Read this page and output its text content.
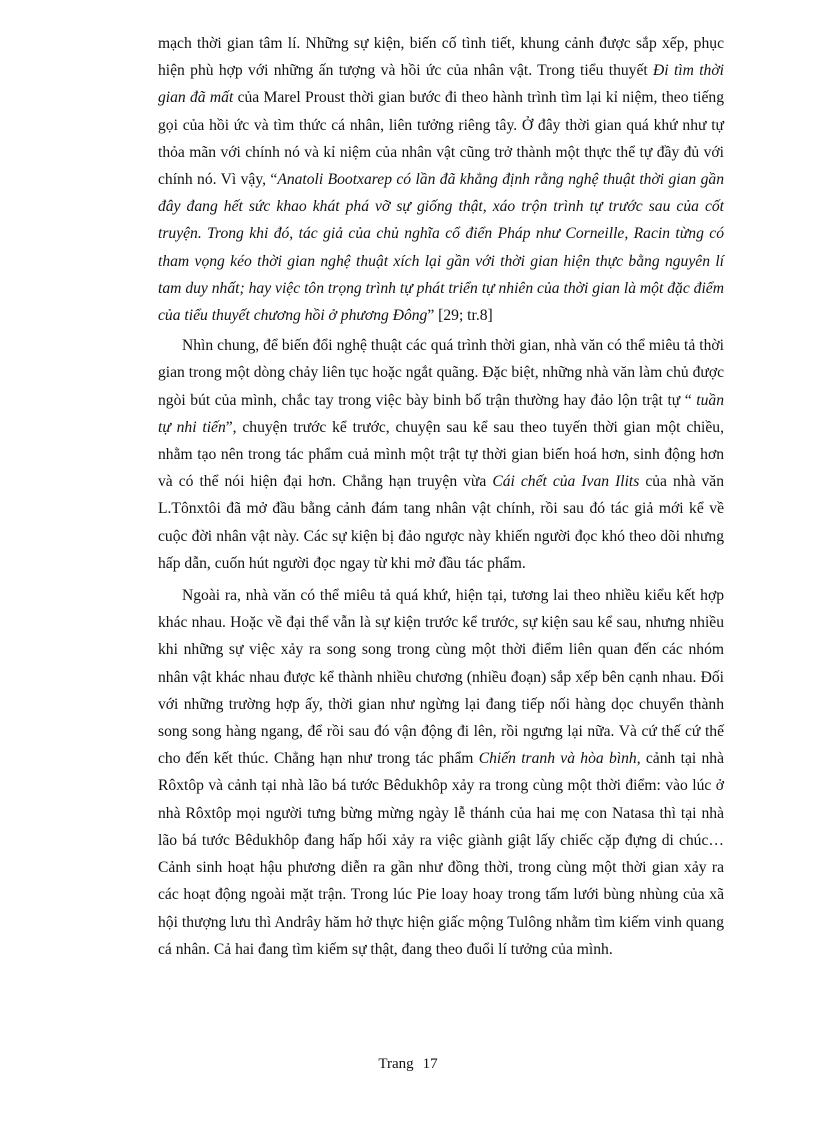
mạch thời gian tâm lí. Những sự kiện, biến cố tình tiết, khung cảnh được sắp xếp, phục hiện phù hợp với những ấn tượng và hồi ức của nhân vật. Trong tiểu thuyết Đi tìm thời gian đã mất của Marel Proust thời gian bước đi theo hành trình tìm lại kỉ niệm, theo tiếng gọi của hồi ức và tìm thức cá nhân, liên tưởng riêng tây. Ở đây thời gian quá khứ như tự thỏa mãn với chính nó và kỉ niệm của nhân vật cũng trở thành một thực thể tự đầy đủ với chính nó. Vì vậy, “Anatoli Bootxarep có lần đã khẳng định rằng nghệ thuật thời gian gần đây đang hết sức khao khát phá vỡ sự giống thật, xáo trộn trình tự trước sau của cốt truyện. Trong khi đó, tác giả của chủ nghĩa cổ điển Pháp như Corneille, Racin từng có tham vọng kéo thời gian nghệ thuật xích lại gần với thời gian hiện thực bằng nguyên lí tam duy nhất; hay việc tôn trọng trình tự phát triển tự nhiên của thời gian là một đặc điểm của tiểu thuyết chương hồi ở phương Đông” [29; tr.8]

Nhìn chung, để biến đổi nghệ thuật các quá trình thời gian, nhà văn có thể miêu tả thời gian trong một dòng chảy liên tục hoặc ngắt quãng. Đặc biệt, những nhà văn làm chủ được ngòi bút của mình, chắc tay trong việc bày binh bố trận thường hay đảo lộn trật tự “ tuần tự nhi tiến”, chuyện trước kể trước, chuyện sau kể sau theo tuyến thời gian một chiều, nhằm tạo nên trong tác phẩm cuả mình một trật tự thời gian biến hoá hơn, sinh động hơn và có thể nói hiện đại hơn. Chẳng hạn truyện vừa Cái chết của Ivan Ilits của nhà văn L.Tônxtôi đã mở đầu bằng cảnh đám tang nhân vật chính, rồi sau đó tác giả mới kể về cuộc đời nhân vật này. Các sự kiện bị đảo ngược này khiến người đọc khó theo dõi nhưng hấp dẫn, cuốn hút người đọc ngay từ khi mở đầu tác phẩm.

Ngoài ra, nhà văn có thể miêu tả quá khứ, hiện tại, tương lai theo nhiều kiểu kết hợp khác nhau. Hoặc về đại thể vẫn là sự kiện trước kể trước, sự kiện sau kể sau, nhưng nhiều khi những sự việc xảy ra song song trong cùng một thời điểm liên quan đến các nhóm nhân vật khác nhau được kể thành nhiều chương (nhiều đoạn) sắp xếp bên cạnh nhau. Đối với những trường hợp ấy, thời gian như ngừng lại đang tiếp nối hàng dọc chuyển thành song song hàng ngang, để rồi sau đó vận động đi lên, rồi ngưng lại nữa. Và cứ thế cứ thế cho đến kết thúc. Chẳng hạn như trong tác phẩm Chiến tranh và hòa bình, cảnh tại nhà Rôxtôp và cảnh tại nhà lão bá tước Bêdukhôp xảy ra trong cùng một thời điểm: vào lúc ở nhà Rôxtôp mọi người tưng bừng mừng ngày lễ thánh của hai mẹ con Natasa thì tại nhà lão bá tước Bêdukhôp đang hấp hối xảy ra việc giành giật lấy chiếc cặp đựng di chúc… Cảnh sinh hoạt hậu phương diễn ra gần như đồng thời, trong cùng một thời gian xảy ra các hoạt động ngoài mặt trận. Trong lúc Pie loay hoay trong tấm lưới bùng nhùng của xã hội thượng lưu thì Andrây hăm hở thực hiện giấc mộng Tulông nhằm tìm kiếm vinh quang cá nhân. Cả hai đang tìm kiếm sự thật, đang theo đuổi lí tưởng của mình.

Trang 17
